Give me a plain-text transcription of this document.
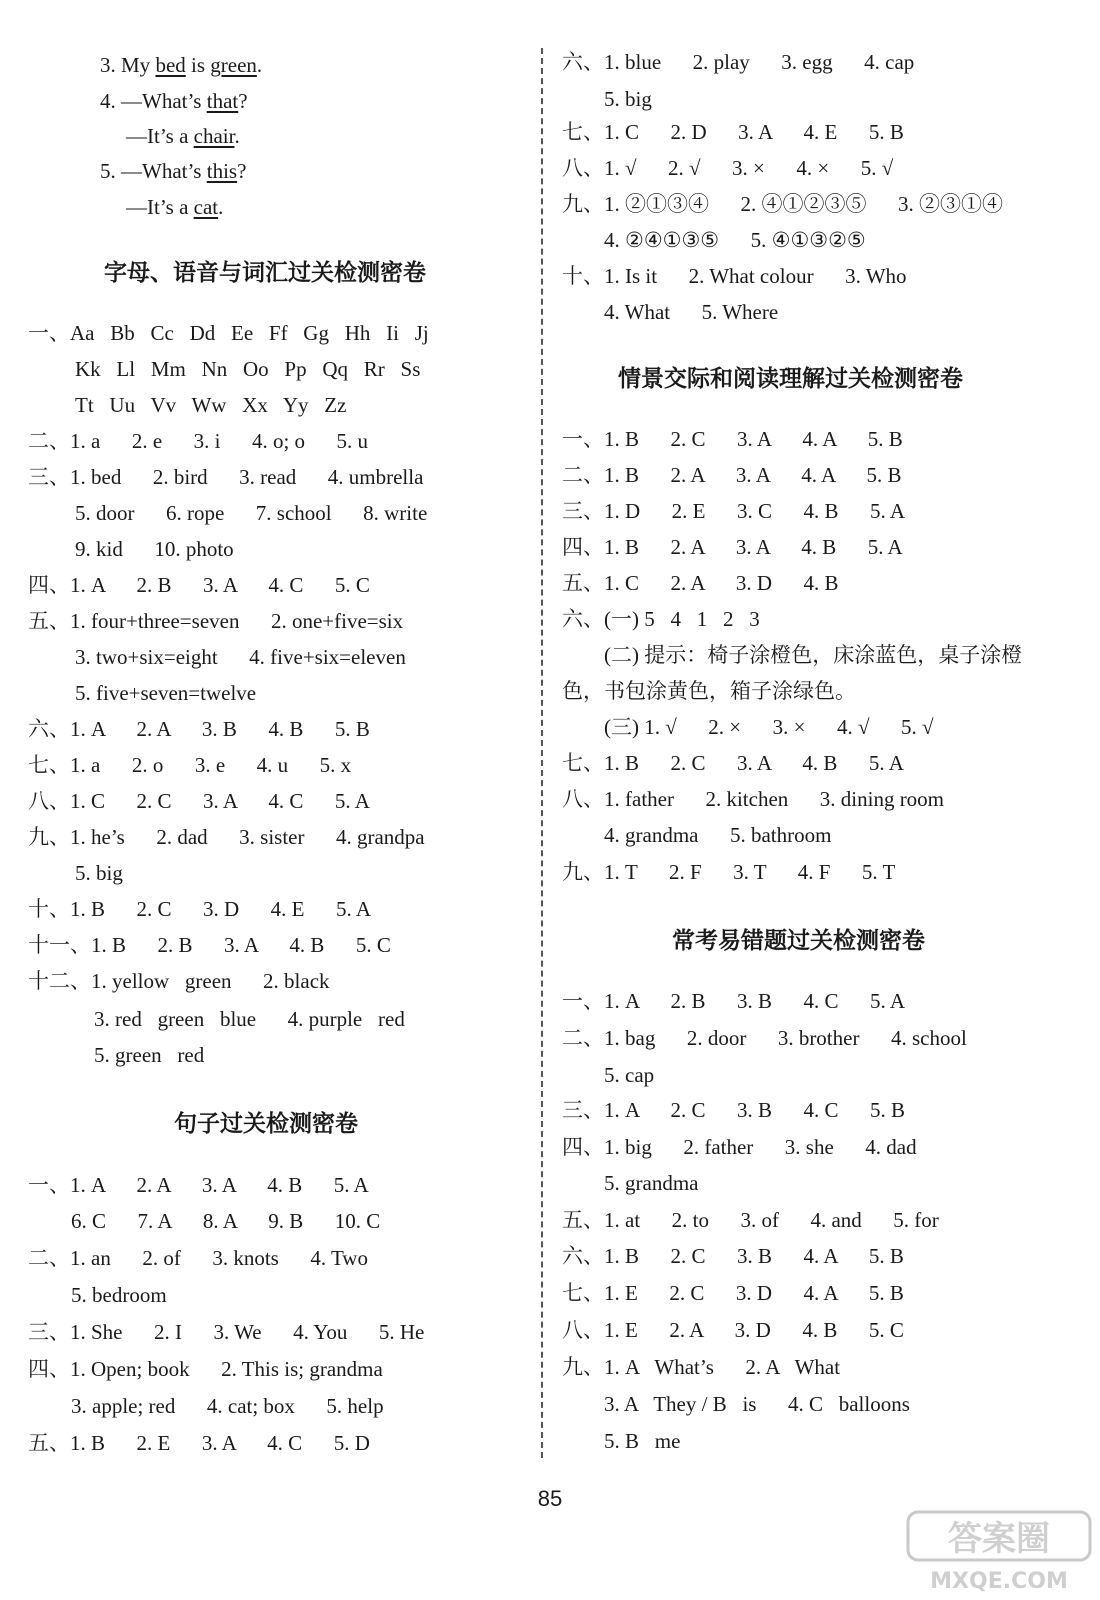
3. My bed is green.
4. —What’s that?
—It’s a chair.
5. —What’s this?
—It’s a cat.
字母、语音与词汇过关检测密卷
一、Aa   Bb   Cc   Dd   Ee   Ff   Gg   Hh   Ii   Jj
Kk   Ll   Mm   Nn   Oo   Pp   Qq   Rr   Ss
Tt   Uu   Vv   Ww   Xx   Yy   Zz
二、1. a      2. e      3. i      4. o; o      5. u
三、1. bed      2. bird      3. read      4. umbrella
5. door      6. rope      7. school      8. write
9. kid      10. photo
四、1. A      2. B      3. A      4. C      5. C
五、1. four+three=seven      2. one+five=six
3. two+six=eight      4. five+six=eleven
5. five+seven=twelve
六、1. A      2. A      3. B      4. B      5. B
七、1. a      2. o      3. e      4. u      5. x
八、1. C      2. C      3. A      4. C      5. A
九、1. he’s      2. dad      3. sister      4. grandpa
5. big
十、1. B      2. C      3. D      4. E      5. A
十一、1. B      2. B      3. A      4. B      5. C
十二、1. yellow   green      2. black
3. red   green   blue      4. purple   red
5. green   red
句子过关检测密卷
一、1. A      2. A      3. A      4. B      5. A
6. C      7. A      8. A      9. B      10. C
二、1. an      2. of      3. knots      4. Two
5. bedroom
三、1. She      2. I      3. We      4. You      5. He
四、1. Open; book      2. This is; grandma
3. apple; red      4. cat; box      5. help
五、1. B      2. E      3. A      4. C      5. D
六、1. blue      2. play      3. egg      4. cap
5. big
七、1. C      2. D      3. A      4. E      5. B
八、1. √      2. √      3. ×      4. ×      5. √
九、1. ②①③④      2. ④①②③⑤      3. ②③①④
4. ②④①③⑤      5. ④①③②⑤
十、1. Is it      2. What colour      3. Who
4. What      5. Where
情景交际和阅读理解过关检测密卷
一、1. B      2. C      3. A      4. A      5. B
二、1. B      2. A      3. A      4. A      5. B
三、1. D      2. E      3. C      4. B      5. A
四、1. B      2. A      3. A      4. B      5. A
五、1. C      2. A      3. D      4. B
六、(一) 5   4   1   2   3
(二) 提示：椅子涂橙色，床涂蓝色，桌子涂橙
色，书包涂黄色，箱子涂绿色。
(三) 1. √      2. ×      3. ×      4. √      5. √
七、1. B      2. C      3. A      4. B      5. A
八、1. father      2. kitchen      3. dining room
4. grandma      5. bathroom
九、1. T      2. F      3. T      4. F      5. T
常考易错题过关检测密卷
一、1. A      2. B      3. B      4. C      5. A
二、1. bag      2. door      3. brother      4. school
5. cap
三、1. A      2. C      3. B      4. C      5. B
四、1. big      2. father      3. she      4. dad
5. grandma
五、1. at      2. to      3. of      4. and      5. for
六、1. B      2. C      3. B      4. A      5. B
七、1. E      2. C      3. D      4. A      5. B
八、1. E      2. A      3. D      4. B      5. C
九、1. A   What’s      2. A   What
3. A   They / B   is      4. C   balloons
5. B   me
85
答案圈
MXQE.COM
